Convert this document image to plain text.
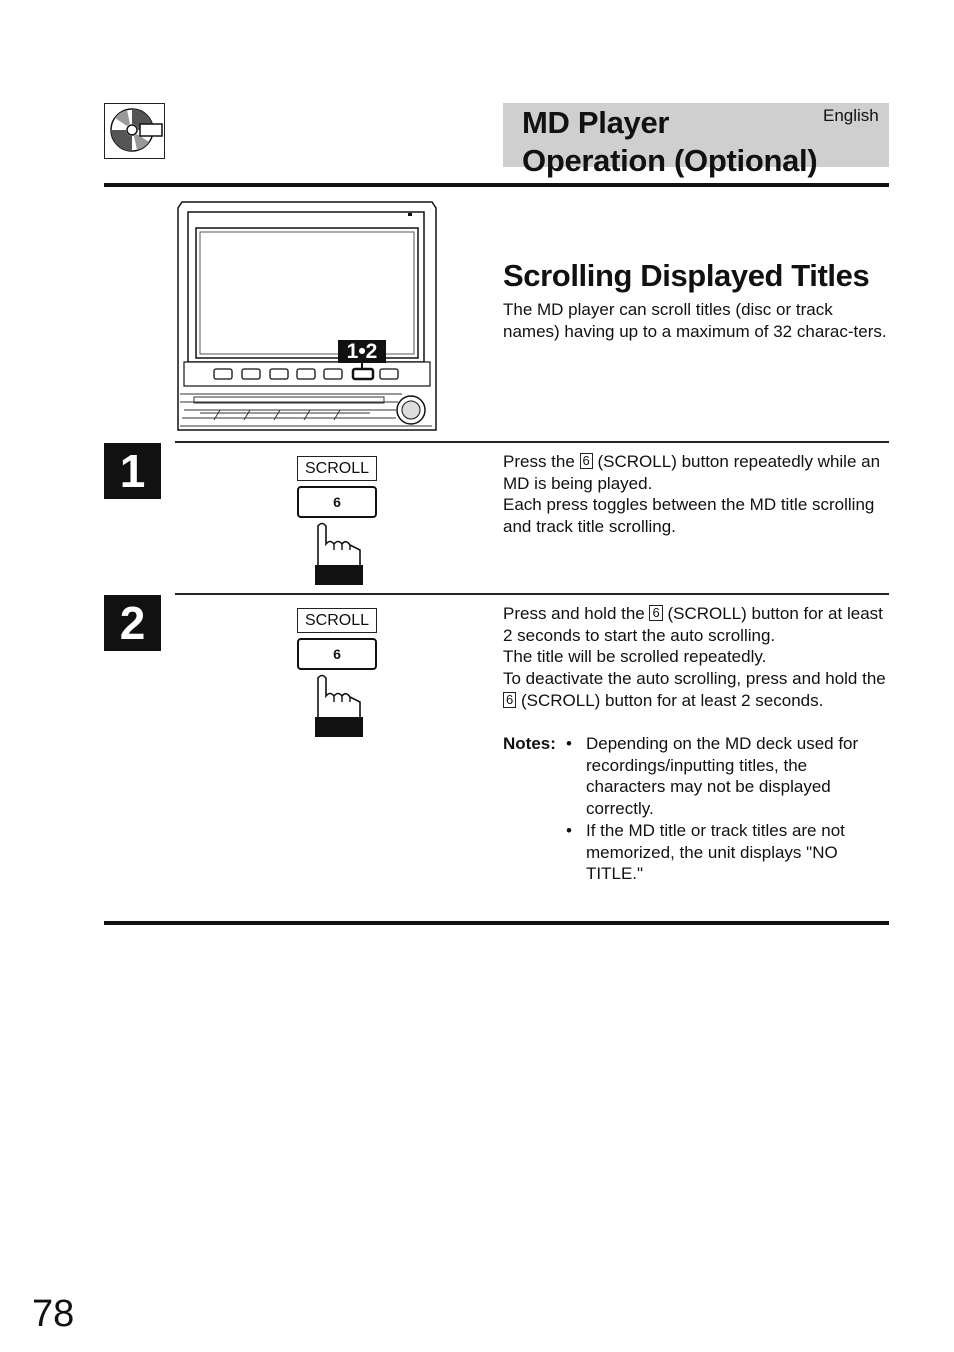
MD Player
Operation (Optional)
English
1•2
Scrolling Displayed Titles
The MD player can scroll titles (disc or track names) having up to a maximum of 32 charac-ters.
1	SCROLL
6
Press the 6 (SCROLL) button repeatedly while an MD is being played.
Each press toggles between the MD title scrolling and track title scrolling.
2	SCROLL
6
Press and hold the 6 (SCROLL) button for at least 2 seconds to start the auto scrolling.
The title will be scrolled repeatedly.
To deactivate the auto scrolling, press and hold the 6 (SCROLL) button for at least 2 seconds.
Notes: • Depending on the MD deck used for recordings/inputting titles, the characters may not be displayed correctly.
• If the MD title or track titles are not memorized, the unit displays "NO TITLE."
78
